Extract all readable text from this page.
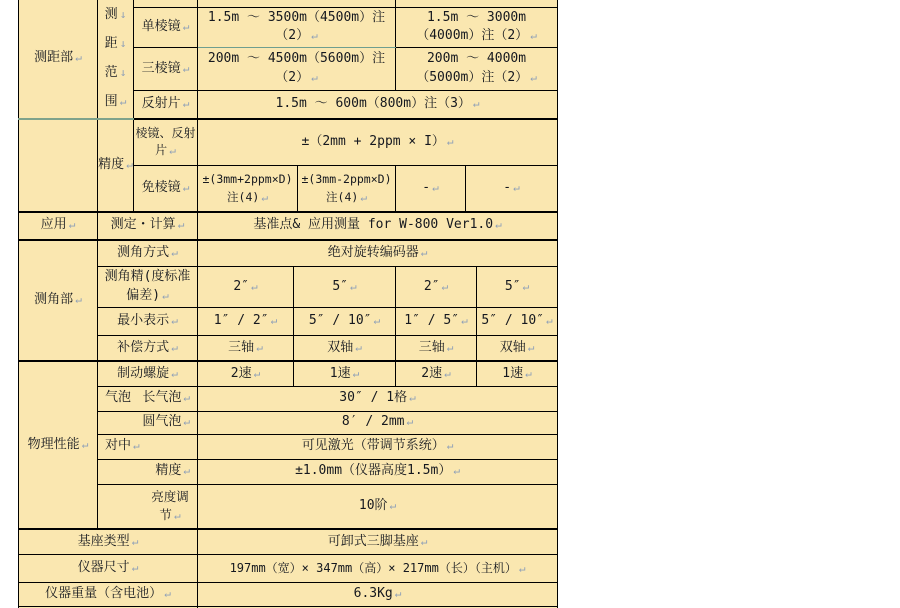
测距部 ↵	
测 ↓
距 ↓
范 ↓
围 ↵

		单棱镜 ↵	1.5m ～ 3500m（4500m）注（2） ↵			1.5m ～ 3000m（4000m）注（2） ↵		
		三棱镜 ↵	200m ～ 4500m（5600m）注（2） ↵			200m ～ 4000m（5000m）注（2） ↵		
		反射片 ↵	1.5m ～ 600m（800m）注（3） ↵					
	精度 ↵	棱镜、反射片 ↵	±（2mm + 2ppm × I） ↵					
		免棱镜 ↵	±(3mm+2ppm×D)注(4) ↵		±(3mm-2ppm×D)注(4) ↵	- ↵	- ↵	
应用 ↵	测定・计算 ↵		基准点& 应用测量 for W-800 Ver1.0 ↵					
测角部 ↵	测角方式 ↵		绝对旋转编码器 ↵					
	测角精(度标准偏差) ↵		2″ ↵	5″ ↵		2″ ↵		5″ ↵
	最小表示 ↵		1″ / 2″ ↵	5″ / 10″ ↵		1″ / 5″ ↵		5″ / 10″ ↵
	补偿方式 ↵		三轴 ↵	双轴 ↵		三轴 ↵		双轴 ↵
物理性能 ↵	制动螺旋 ↵		2速 ↵	1速 ↵		2速 ↵		1速 ↵

	气泡 长气泡 ↵		30″ / 1格 ↵					
	圆气泡 ↵		8′ / 2mm ↵					
	对中 ↵		可见激光（带调节系统） ↵					
	精度 ↵		±1.0mm（仪器高度1.5m） ↵					
	亮度调节 ↵		10阶 ↵					
基座类型 ↵			可卸式三脚基座 ↵					
仪器尺寸 ↵			197mm（宽）× 347mm（高）× 217mm（长）（主机） ↵					
仪器重量（含电池） ↵			6.3Kg ↵					
